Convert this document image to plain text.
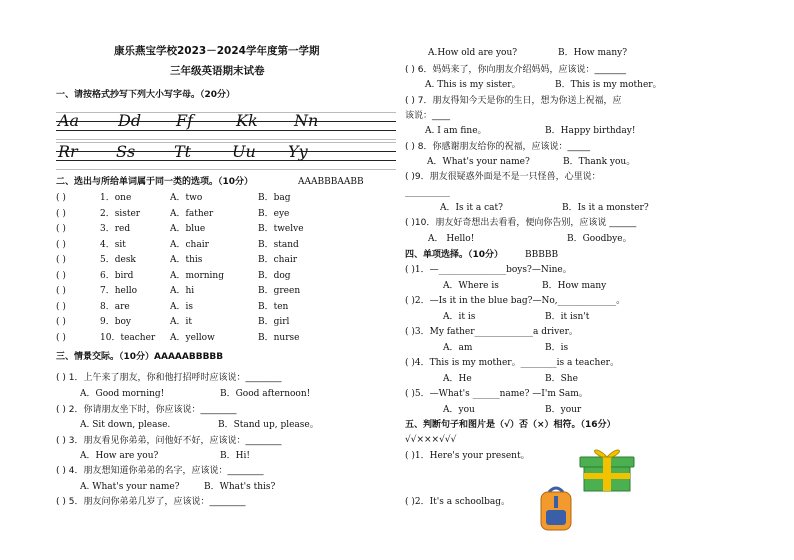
康乐燕宝学校2023－2024学年度第一学期
三年级英语期末试卷
一、请按格式抄写下列大小写字母。（20分）
Aa Dd Ff	Kk Nn
Rr Ss Tt	Uu Yy
二、选出与所给单词属于同一类的选项。（10分）	AAABBBAABB
( )	1．one	A．two	B．bag
( )	2．sister	A．father	B．eye
( )	3．red	A．blue	B．twelve
( )	4．sit	A．chair	B．stand
( )	5．desk	A．this	B．chair
( )	6．bird	A．morning	B．dog
( )	7．hello	A．hi	B．green
( )	8．are	A．is	B．ten
( )	9．boy	A．it	B．girl
( )	10．teacher A．yellow	B．nurse
三、情景交际。（10分）AAAAABBBBB
( ) 1．上午来了朋友，你和他打招呼时应该说：________
A．Good morning!	B．Good afternoon!
( ) 2．你请朋友坐下时，你应该说：________
A. Sit down, please.	B．Stand up, please。
( ) 3．朋友看见你弟弟，问他好不好，应该说：________
A．How are you?	B．Hi!
( ) 4．朋友想知道你弟弟的名字，应该说：________
A. What's your name?	B．What's this?
( ) 5．朋友问你弟弟几岁了，应该说：________
A.How old are you?	B．How many?
( ) 6．妈妈来了，你向朋友介绍妈妈，应该说：_______
A. This is my sister。	B．This is my mother。
( ) 7．朋友得知今天是你的生日，想为你送上祝福，应
该说：____
A. I am fine。	B．Happy birthday!
( ) 8．你感谢朋友给你的祝福，应该说：_____
A．What's your name?	B．Thank you。
( )9．朋友很疑惑外面是不是一只怪兽，心里说：
__________
A．Is it a cat?	B．Is it a monster?
( )10．朋友好奇想出去看看，便向你告别，应该说 ______
A． Hello!	B．Goodbye。
四、单项选择。（10分） BBBBB
( )1．—_______________boys?—Nine。
A．Where is	B．How many
( )2．—Is it in the blue bag?—No,_____________。
A．it is	B．it isn't
( )3．My father_____________a driver。
A．am	B．is
( )4．This is my mother。________is a teacher。
A．He	B．She
( )5．—What's ______name? —I'm Sam。
A．you	B．your
五、判断句子和图片是（√）否（×）相符。（16分）
√√×××√√√
( )1．Here's your present。
( )2．It's a schoolbag。
